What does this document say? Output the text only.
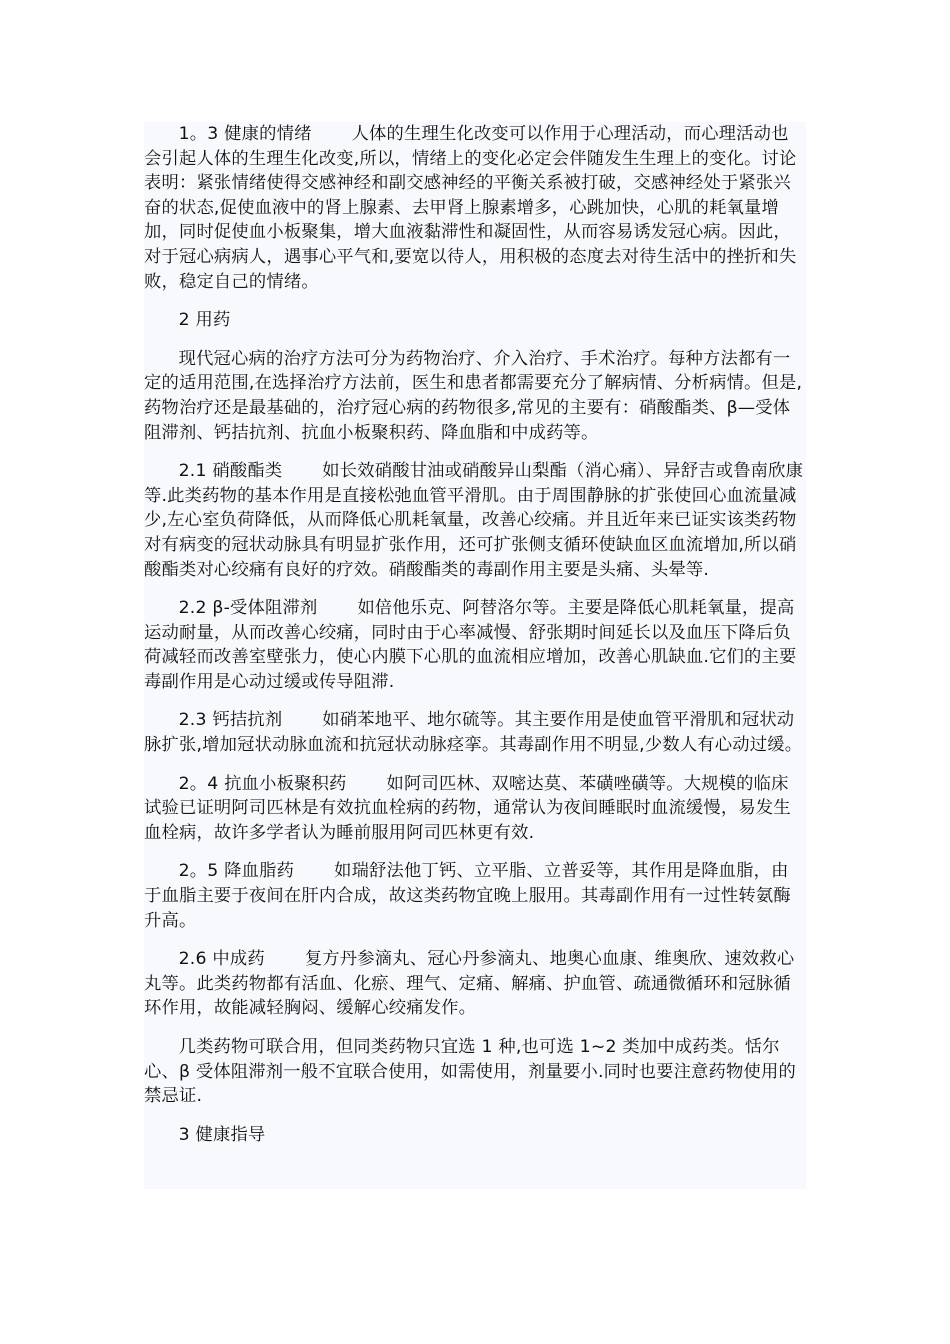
1。3 健康的情绪 人体的生理生化改变可以作用于心理活动，而心理活动也会引起人体的生理生化改变,所以，情绪上的变化必定会伴随发生生理上的变化。讨论表明：紧张情绪使得交感神经和副交感神经的平衡关系被打破，交感神经处于紧张兴奋的状态,促使血液中的肾上腺素、去甲肾上腺素增多，心跳加快，心肌的耗氧量增加，同时促使血小板聚集，增大血液黏滞性和凝固性，从而容易诱发冠心病。因此，对于冠心病病人，遇事心平气和,要宽以待人，用积极的态度去对待生活中的挫折和失败，稳定自己的情绪。

2 用药

现代冠心病的治疗方法可分为药物治疗、介入治疗、手术治疗。每种方法都有一定的适用范围,在选择治疗方法前，医生和患者都需要充分了解病情、分析病情。但是,药物治疗还是最基础的，治疗冠心病的药物很多,常见的主要有：硝酸酯类、β—受体阻滞剂、钙拮抗剂、抗血小板聚积药、降血脂和中成药等。

2.1 硝酸酯类 如长效硝酸甘油或硝酸异山梨酯（消心痛）、异舒吉或鲁南欣康等.此类药物的基本作用是直接松弛血管平滑肌。由于周围静脉的扩张使回心血流量减少,左心室负荷降低，从而降低心肌耗氧量，改善心绞痛。并且近年来已证实该类药物对有病变的冠状动脉具有明显扩张作用，还可扩张侧支循环使缺血区血流增加,所以硝酸酯类对心绞痛有良好的疗效。硝酸酯类的毒副作用主要是头痛、头晕等.

2.2 β-受体阻滞剂 如倍他乐克、阿替洛尔等。主要是降低心肌耗氧量，提高运动耐量，从而改善心绞痛，同时由于心率减慢、舒张期时间延长以及血压下降后负荷减轻而改善室壁张力，使心内膜下心肌的血流相应增加，改善心肌缺血.它们的主要毒副作用是心动过缓或传导阻滞.

2.3 钙拮抗剂 如硝苯地平、地尔硫等。其主要作用是使血管平滑肌和冠状动脉扩张,增加冠状动脉血流和抗冠状动脉痉挛。其毒副作用不明显,少数人有心动过缓。

2。4 抗血小板聚积药 如阿司匹林、双嘧达莫、苯磺唑磺等。大规模的临床试验已证明阿司匹林是有效抗血栓病的药物，通常认为夜间睡眠时血流缓慢，易发生血栓病，故许多学者认为睡前服用阿司匹林更有效.

2。5 降血脂药 如瑞舒法他丁钙、立平脂、立普妥等，其作用是降血脂，由于血脂主要于夜间在肝内合成，故这类药物宜晚上服用。其毒副作用有一过性转氨酶升高。

2.6 中成药 复方丹参滴丸、冠心丹参滴丸、地奥心血康、维奥欣、速效救心丸等。此类药物都有活血、化瘀、理气、定痛、解痛、护血管、疏通微循环和冠脉循环作用，故能减轻胸闷、缓解心绞痛发作。

几类药物可联合用，但同类药物只宜选 1 种,也可选 1~2 类加中成药类。恬尔心、β 受体阻滞剂一般不宜联合使用，如需使用，剂量要小.同时也要注意药物使用的禁忌证.

3 健康指导
